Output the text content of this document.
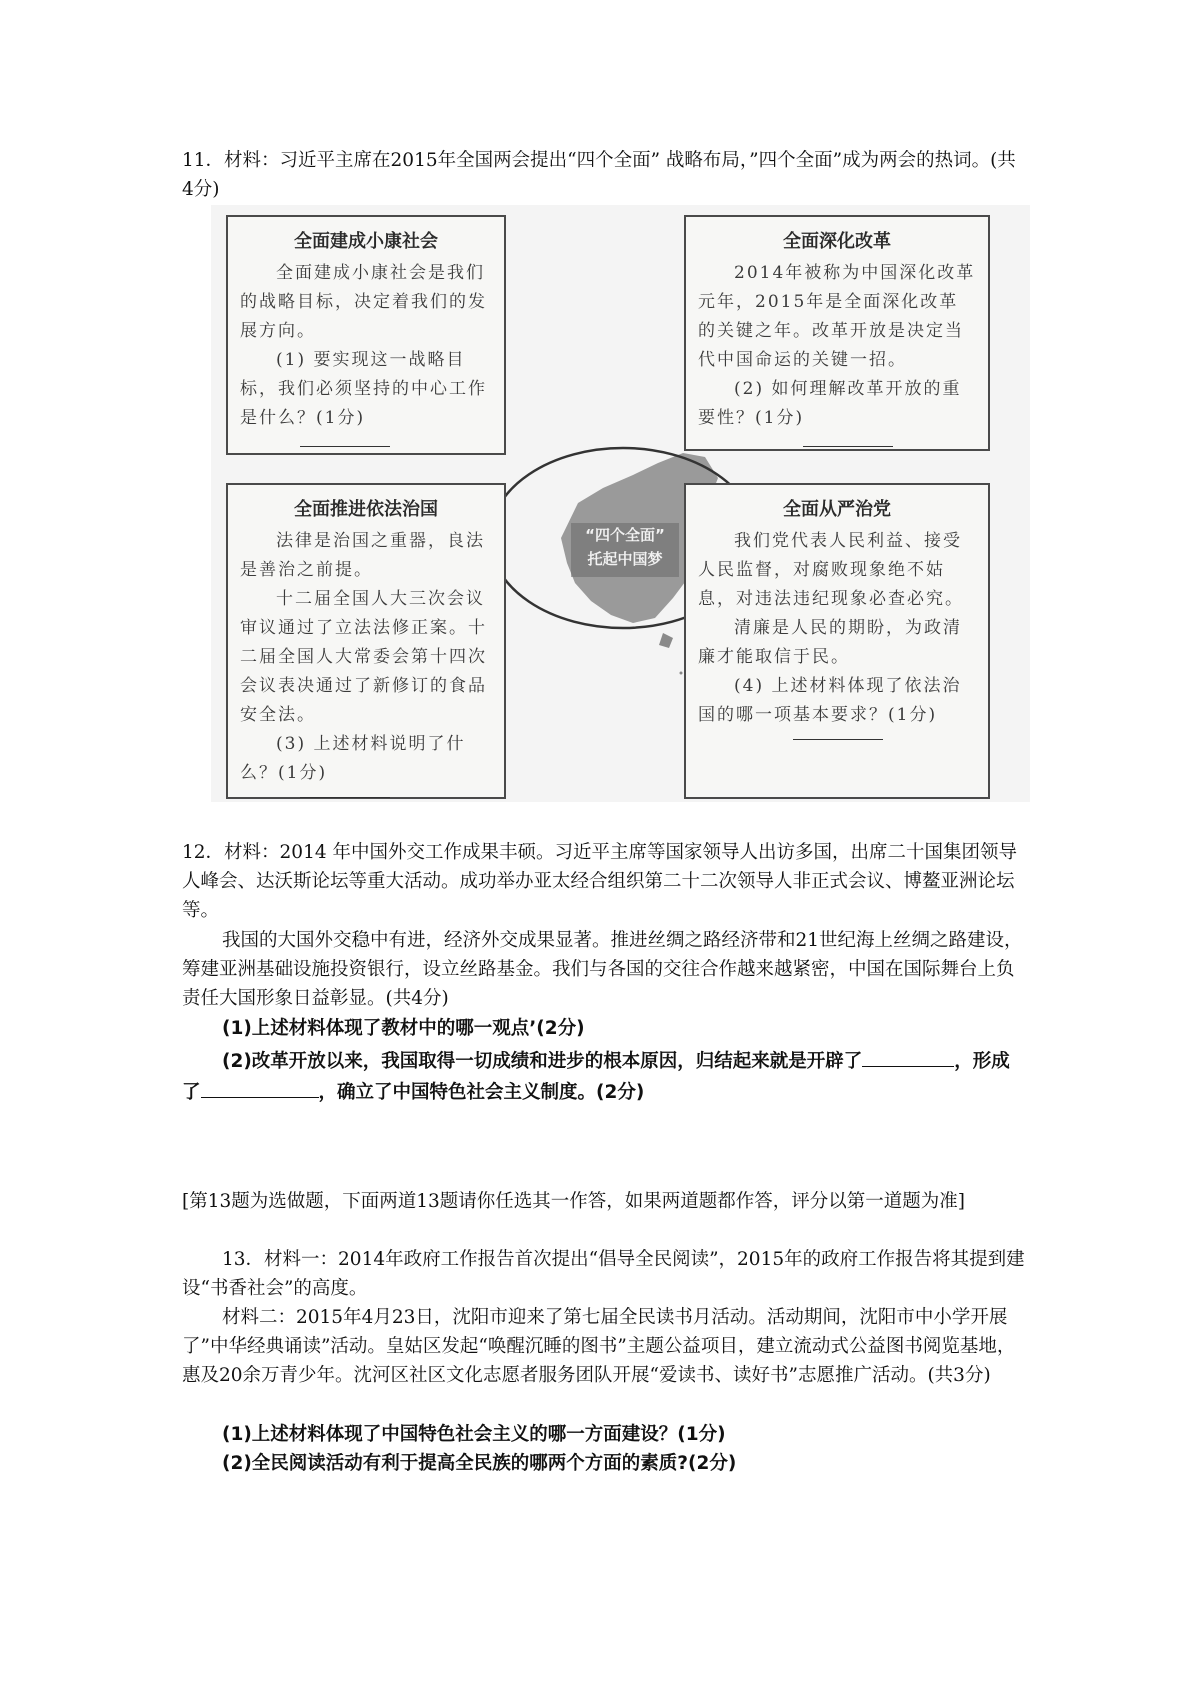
11．材料：习近平主席在2015年全国两会提出“四个全面” 战略布局，”四个全面”成为两会的热词。(共4分)

“四个全面”
托起中国梦
全面建成小康社会

全面建成小康社会是我们的战略目标，决定着我们的发展方向。

(1) 要实现这一战略目标，我们必须坚持的中心工作是什么？(1分)

全面深化改革

2014年被称为中国深化改革元年，2015年是全面深化改革的关键之年。改革开放是决定当代中国命运的关键一招。

(2) 如何理解改革开放的重要性？(1分)

全面推进依法治国

法律是治国之重器，良法是善治之前提。

十二届全国人大三次会议审议通过了立法法修正案。十二届全国人大常委会第十四次会议表决通过了新修订的食品安全法。

(3) 上述材料说明了什么？(1分)

全面从严治党

我们党代表人民利益、接受人民监督，对腐败现象绝不姑息，对违法违纪现象必查必究。

清廉是人民的期盼，为政清廉才能取信于民。

(4) 上述材料体现了依法治国的哪一项基本要求？(1分)

12．材料：2014 年中国外交工作成果丰硕。习近平主席等国家领导人出访多国，出席二十国集团领导人峰会、达沃斯论坛等重大活动。成功举办亚太经合组织第二十二次领导人非正式会议、博鳌亚洲论坛等。

我国的大国外交稳中有进，经济外交成果显著。推进丝绸之路经济带和21世纪海上丝绸之路建设，筹建亚洲基础设施投资银行，设立丝路基金。我们与各国的交往合作越来越紧密，中国在国际舞台上负责任大国形象日益彰显。(共4分)

(1)上述材料体现了教材中的哪一观点’(2分)

(2)改革开放以来，我国取得一切成绩和进步的根本原因，归结起来就是开辟了	，形成了	，确立了中国特色社会主义制度。(2分)

[第13题为选做题，下面两道13题请你任选其一作答，如果两道题都作答，评分以第一道题为准]

13．材料一：2014年政府工作报告首次提出“倡导全民阅读”，2015年的政府工作报告将其提到建设“书香社会”的高度。

材料二：2015年4月23日，沈阳市迎来了第七届全民读书月活动。活动期间，沈阳市中小学开展了”中华经典诵读”活动。皇姑区发起“唤醒沉睡的图书”主题公益项目，建立流动式公益图书阅览基地，惠及20余万青少年。沈河区社区文化志愿者服务团队开展“爱读书、读好书”志愿推广活动。(共3分)

(1)上述材料体现了中国特色社会主义的哪一方面建设？(1分)

(2)全民阅读活动有利于提高全民族的哪两个方面的素质?(2分)
